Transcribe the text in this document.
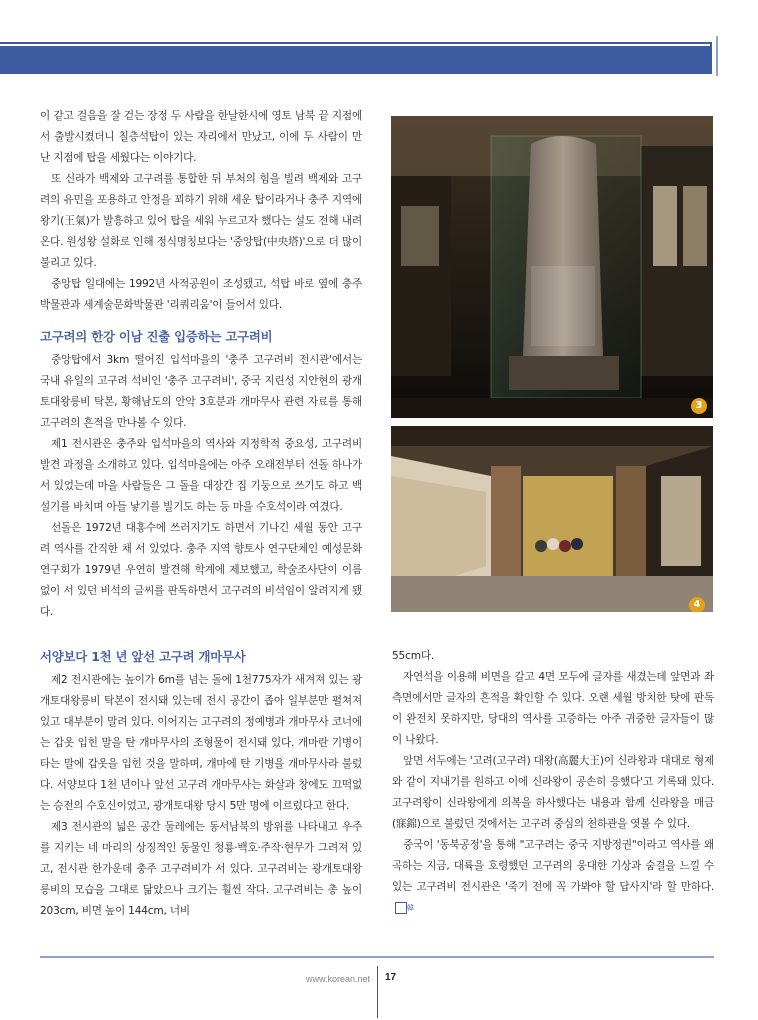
이 같고 걸음을 잘 걷는 장정 두 사람을 한날한시에 영토 남북 끝 지점에서 출발시켰더니 칠층석탑이 있는 자리에서 만났고, 이에 두 사람이 만난 지점에 탑을 세웠다는 이야기다.

또 신라가 백제와 고구려를 통합한 뒤 부처의 힘을 빌려 백제와 고구려의 유민을 포용하고 안정을 꾀하기 위해 세운 탑이라거나 충주 지역에 왕기(王氣)가 발흥하고 있어 탑을 세워 누르고자 했다는 설도 전해 내려온다. 원성왕 설화로 인해 정식명칭보다는 '중앙탑(中央塔)'으로 더 많이 불리고 있다.

중앙탑 일대에는 1992년 사적공원이 조성됐고, 석탑 바로 옆에 충주박물관과 세계술문화박물관 '리쿼리움'이 들어서 있다.

고구려의 한강 이남 진출 입증하는 고구려비

중앙탑에서 3km 떨어진 입석마을의 '충주 고구려비 전시관'에서는 국내 유일의 고구려 석비인 '충주 고구려비', 중국 지린성 지안현의 광개토대왕릉비 탁본, 황해남도의 안악 3호분과 개마무사 관련 자료를 통해 고구려의 흔적을 만나볼 수 있다.

제1 전시관은 충주와 입석마을의 역사와 지정학적 중요성, 고구려비 발견 과정을 소개하고 있다. 입석마을에는 아주 오래전부터 선돌 하나가 서 있었는데 마을 사람들은 그 돌을 대장간 집 기둥으로 쓰기도 하고 백설기를 바치며 아들 낳기를 빌기도 하는 등 마을 수호석이라 여겼다.

선돌은 1972년 대홍수에 쓰러지기도 하면서 기나긴 세월 동안 고구려 역사를 간직한 채 서 있었다. 충주 지역 향토사 연구단체인 예성문화연구회가 1979년 우연히 발견해 학계에 제보했고, 학술조사단이 이름 없이 서 있던 비석의 글씨를 판독하면서 고구려의 비석임이 알려지게 됐다.

3
4
서양보다 1천 년 앞선 고구려 개마무사

제2 전시관에는 높이가 6m를 넘는 돌에 1천775자가 새겨져 있는 광개토대왕릉비 탁본이 전시돼 있는데 전시 공간이 좁아 일부분만 펼쳐져 있고 대부분이 말려 있다. 이어지는 고구려의 정예병과 개마무사 코너에는 갑옷 입힌 말을 탄 개마무사의 조형물이 전시돼 있다. 개마란 기병이 타는 말에 갑옷을 입힌 것을 말하며, 개마에 탄 기병을 개마무사라 불렀다. 서양보다 1천 년이나 앞선 고구려 개마무사는 화살과 창에도 끄떡없는 승전의 수호신이었고, 광개토대왕 당시 5만 명에 이르렀다고 한다.

제3 전시관의 넓은 공간 둘레에는 동서남북의 방위를 나타내고 우주를 지키는 네 마리의 상징적인 동물인 청룡·백호·주작·현무가 그려져 있고, 전시관 한가운데 충주 고구려비가 서 있다. 고구려비는 광개토대왕릉비의 모습을 그대로 닮았으나 크기는 훨씬 작다. 고구려비는 총 높이 203cm, 비면 높이 144cm, 너비

55cm다.

자연석을 이용해 비면을 갈고 4면 모두에 글자를 새겼는데 앞면과 좌측면에서만 글자의 흔적을 확인할 수 있다. 오랜 세월 방치한 탓에 판독이 완전치 못하지만, 당대의 역사를 고증하는 아주 귀중한 글자들이 많이 나왔다.

앞면 서두에는 '고려(고구려) 대왕(高麗大王)이 신라왕과 대대로 형제와 같이 지내기를 원하고 이에 신라왕이 공손히 응했다'고 기록돼 있다. 고구려왕이 신라왕에게 의복을 하사했다는 내용과 함께 신라왕을 매금(寐錦)으로 불렀던 것에서는 고구려 중심의 천하관을 엿볼 수 있다.

중국이 '동북공정'을 통해 "고구려는 중국 지방정권"이라고 역사를 왜곡하는 지금, 대륙을 호령했던 고구려의 웅대한 기상과 숨결을 느낄 수 있는 고구려비 전시관은 '죽기 전에 꼭 가봐야 할 답사지'라 할 만하다.韓

www.korean.net 17
